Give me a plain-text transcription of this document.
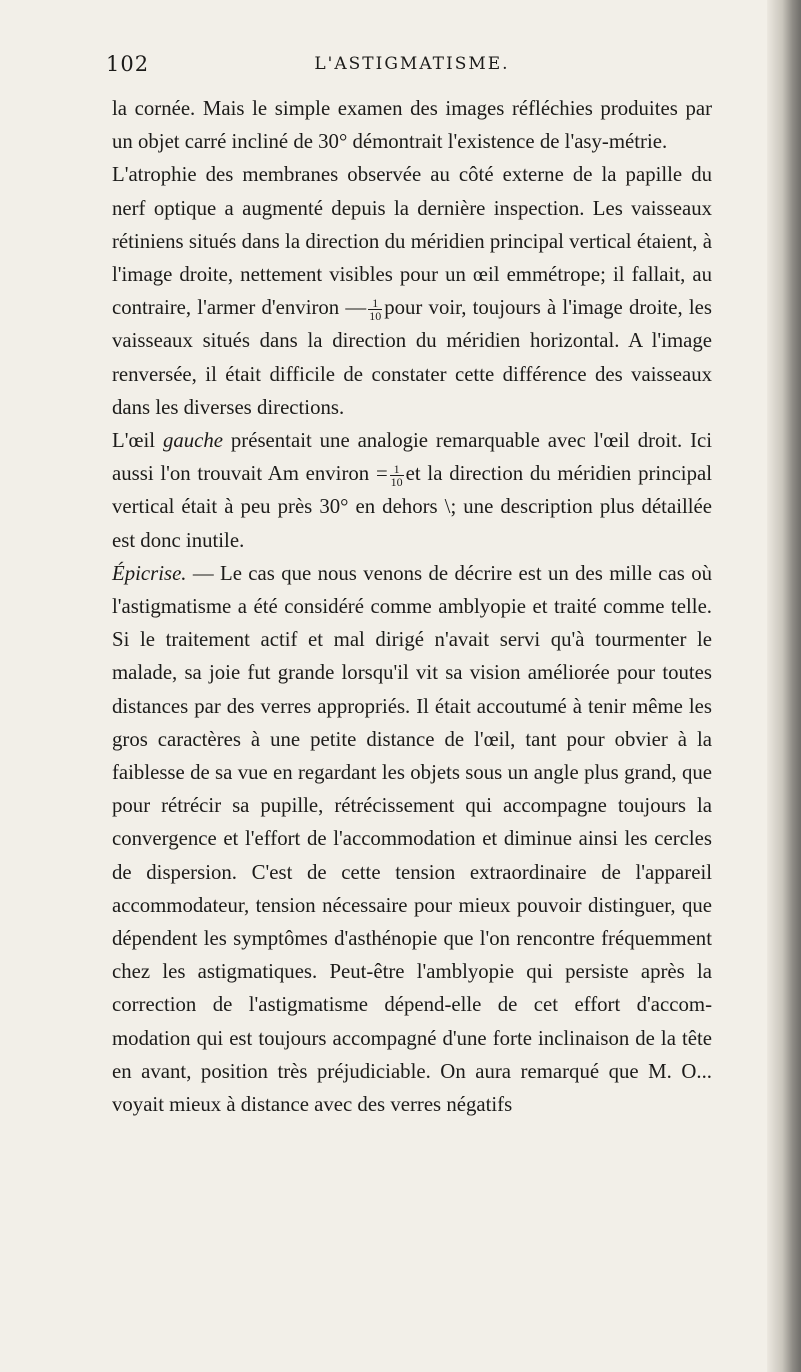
102	L'ASTIGMATISME.

la cornée. Mais le simple examen des images réfléchies produites par un objet carré incliné de 30° démontrait l'existence de l'asy-métrie.

L'atrophie des membranes observée au côté externe de la papille du nerf optique a augmenté depuis la dernière inspection. Les vaisseaux rétiniens situés dans la direction du méridien principal vertical étaient, à l'image droite, nettement visibles pour un œil emmétrope; il fallait, au contraire, l'armer d'environ — $\frac{1}{10}$ pour voir, toujours à l'image droite, les vaisseaux situés dans la direction du méridien horizontal. A l'image renversée, il était difficile de constater cette différence des vaisseaux dans les diverses directions.

L'œil gauche présentait une analogie remarquable avec l'œil droit. Ici aussi l'on trouvait Am environ = $\frac{1}{10}$ et la direction du méridien principal vertical était à peu près 30° en dehors \; une description plus détaillée est donc inutile.

Épicrise. — Le cas que nous venons de décrire est un des mille cas où l'astigmatisme a été considéré comme amblyopie et traité comme telle. Si le traitement actif et mal dirigé n'avait servi qu'à tourmenter le malade, sa joie fut grande lorsqu'il vit sa vision améliorée pour toutes distances par des verres appropriés. Il était accoutumé à tenir même les gros caractères à une petite distance de l'œil, tant pour obvier à la faiblesse de sa vue en regardant les objets sous un angle plus grand, que pour rétrécir sa pupille, rétrécissement qui accompagne toujours la convergence et l'effort de l'accommodation et diminue ainsi les cercles de dispersion. C'est de cette tension extraordinaire de l'appareil accommodateur, tension nécessaire pour mieux pouvoir distinguer, que dépendent les symptômes d'asthénopie que l'on rencontre fréquemment chez les astigmatiques. Peut-être l'amblyopie qui persiste après la correction de l'astigmatisme dépend-elle de cet effort d'accom-modation qui est toujours accompagné d'une forte inclinaison de la tête en avant, position très préjudiciable. On aura remarqué que M. O... voyait mieux à distance avec des verres négatifs
